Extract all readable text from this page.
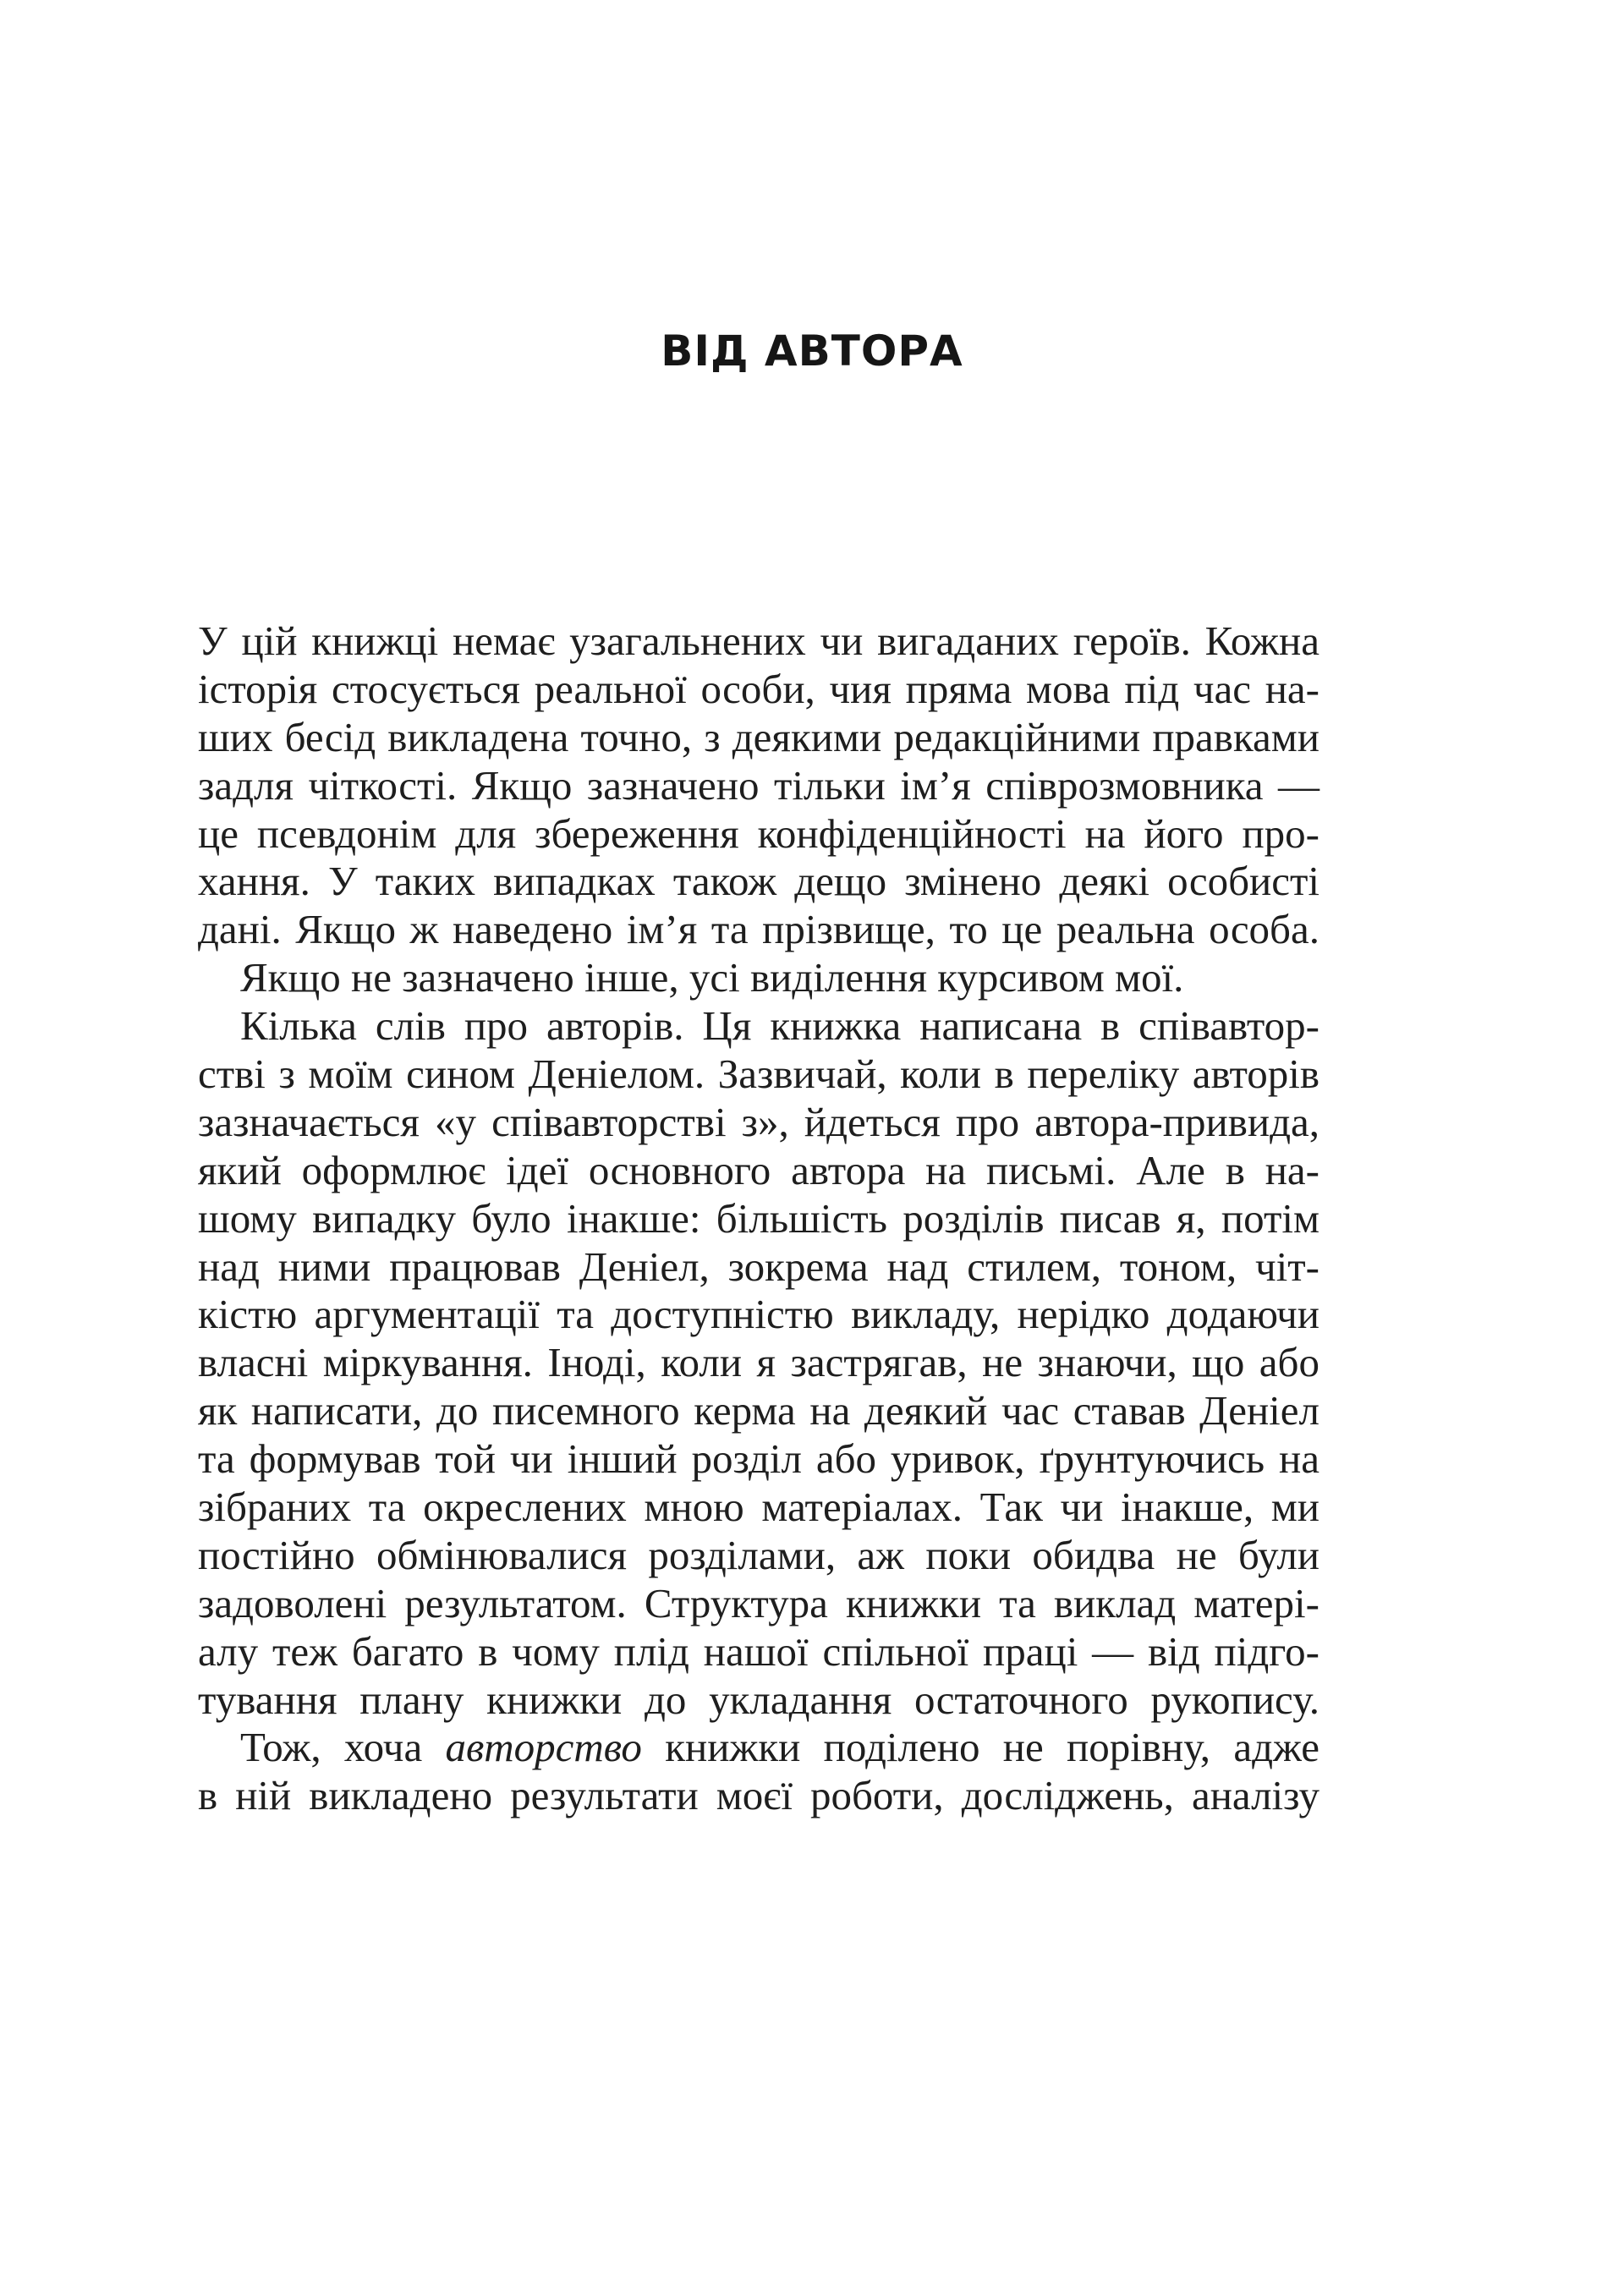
ВІД АВТОРА
У цій книжці немає узагальнених чи вигаданих героїв. Кожна
історія стосується реальної особи, чия пряма мова під час на-
ших бесід викладена точно, з деякими редакційними правками
задля чіткості. Якщо зазначено тільки ім’я співрозмовника —
це псевдонім для збереження конфіденційності на його про-
хання. У таких випадках також дещо змінено деякі особисті
дані. Якщо ж наведено ім’я та прізвище, то це реальна особа.
Якщо не зазначено інше, усі виділення курсивом мої.
Кілька слів про авторів. Ця книжка написана в співавтор-
стві з моїм сином Деніелом. Зазвичай, коли в переліку авторів
зазначається «у співавторстві з», йдеться про автора-привида,
який оформлює ідеї основного автора на письмі. Але в на-
шому випадку було інакше: більшість розділів писав я, потім
над ними працював Деніел, зокрема над стилем, тоном, чіт-
кістю аргументації та доступністю викладу, нерідко додаючи
власні міркування. Іноді, коли я застрягав, не знаючи, що або
як написати, до писемного керма на деякий час ставав Деніел
та формував той чи інший розділ або уривок, ґрунтуючись на
зібраних та окреслених мною матеріалах. Так чи інакше, ми
постійно обмінювалися розділами, аж поки обидва не були
задоволені результатом. Структура книжки та виклад матері-
алу теж багато в чому плід нашої спільної праці — від підго-
тування плану книжки до укладання остаточного рукопису.
Тож, хоча авторство книжки поділено не порівну, адже
в ній викладено результати моєї роботи, досліджень, аналізу
